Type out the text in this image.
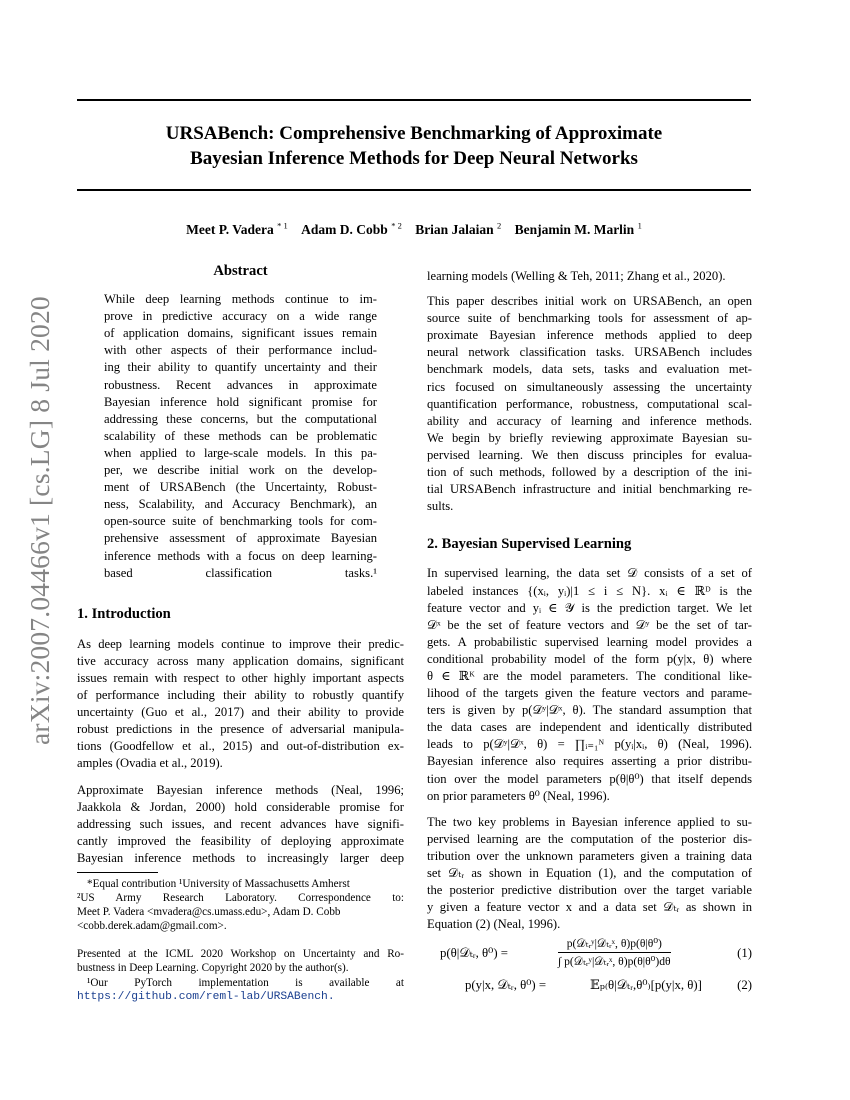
URSABench: Comprehensive Benchmarking of Approximate
Bayesian Inference Methods for Deep Neural Networks
Meet P. Vadera $^{* 1}$ Adam D. Cobb $^{* 2}$ Brian Jalaian $^2$ Benjamin M. Marlin $^1$
arXiv:2007.04466v1 [cs.LG] 8 Jul 2020
Abstract
While deep learning methods continue to im-
prove in predictive accuracy on a wide range
of application domains, significant issues remain
with other aspects of their performance includ-
ing their ability to quantify uncertainty and their
robustness. Recent advances in approximate
Bayesian inference hold significant promise for
addressing these concerns, but the computational
scalability of these methods can be problematic
when applied to large-scale models. In this pa-
per, we describe initial work on the develop-
ment of URSABench (the Uncertainty, Robust-
ness, Scalability, and Accuracy Benchmark), an
open-source suite of benchmarking tools for com-
prehensive assessment of approximate Bayesian
inference methods with a focus on deep learning-
based classification tasks.¹
1. Introduction
As deep learning models continue to improve their predic-
tive accuracy across many application domains, significant
issues remain with respect to other highly important aspects
of performance including their ability to robustly quantify
uncertainty (Guo et al., 2017) and their ability to provide
robust predictions in the presence of adversarial manipula-
tions (Goodfellow et al., 2015) and out-of-distribution ex-
amples (Ovadia et al., 2019).
Approximate Bayesian inference methods (Neal, 1996;
Jaakkola & Jordan, 2000) hold considerable promise for
addressing such issues, and recent advances have signifi-
cantly improved the feasibility of deploying approximate
Bayesian inference methods to increasingly larger deep
*Equal contribution ¹University of Massachusetts Amherst
²US Army Research Laboratory. Correspondence to:
Meet P. Vadera <mvadera@cs.umass.edu>, Adam D. Cobb
<cobb.derek.adam@gmail.com>.
Presented at the ICML 2020 Workshop on Uncertainty and Ro-
bustness in Deep Learning. Copyright 2020 by the author(s).
¹Our PyTorch implementation is available at
https://github.com/reml-lab/URSABench.
learning models (Welling & Teh, 2011; Zhang et al., 2020).
This paper describes initial work on URSABench, an open
source suite of benchmarking tools for assessment of ap-
proximate Bayesian inference methods applied to deep
neural network classification tasks. URSABench includes
benchmark models, data sets, tasks and evaluation met-
rics focused on simultaneously assessing the uncertainty
quantification performance, robustness, computational scal-
ability and accuracy of learning and inference methods.
We begin by briefly reviewing approximate Bayesian su-
pervised learning. We then discuss principles for evalua-
tion of such methods, followed by a description of the ini-
tial URSABench infrastructure and initial benchmarking re-
sults.
2. Bayesian Supervised Learning
In supervised learning, the data set 𝒟 consists of a set of
labeled instances {(xᵢ, yᵢ)|1 ≤ i ≤ N}. xᵢ ∈ ℝᴰ is the
feature vector and yᵢ ∈ 𝒴 is the prediction target. We let
𝒟ˣ be the set of feature vectors and 𝒟ʸ be the set of tar-
gets. A probabilistic supervised learning model provides a
conditional probability model of the form p(y|x, θ) where
θ ∈ ℝᴷ are the model parameters. The conditional like-
lihood of the targets given the feature vectors and parame-
ters is given by p(𝒟ʸ|𝒟ˣ, θ). The standard assumption that
the data cases are independent and identically distributed
leads to p(𝒟ʸ|𝒟ˣ, θ) = ∏ᵢ₌₁ᴺ p(yᵢ|xᵢ, θ) (Neal, 1996).
Bayesian inference also requires asserting a prior distribu-
tion over the model parameters p(θ|θ⁰) that itself depends
on prior parameters θ⁰ (Neal, 1996).
The two key problems in Bayesian inference applied to su-
pervised learning are the computation of the posterior dis-
tribution over the unknown parameters given a training data
set 𝒟ₜᵣ as shown in Equation (1), and the computation of
the posterior predictive distribution over the target variable
y given a feature vector x and a data set 𝒟ₜᵣ as shown in
Equation (2) (Neal, 1996).
p(θ|𝒟ₜᵣ, θ⁰) =
p(𝒟ₜᵣʸ|𝒟ₜᵣˣ, θ)p(θ|θ⁰)
∫ p(𝒟ₜᵣʸ|𝒟ₜᵣˣ, θ)p(θ|θ⁰)dθ
(1)
p(y|x, 𝒟ₜᵣ, θ⁰) =	𝔼ₚ₍θ|𝒟ₜᵣ,θ⁰₎[p(y|x, θ)]	(2)
